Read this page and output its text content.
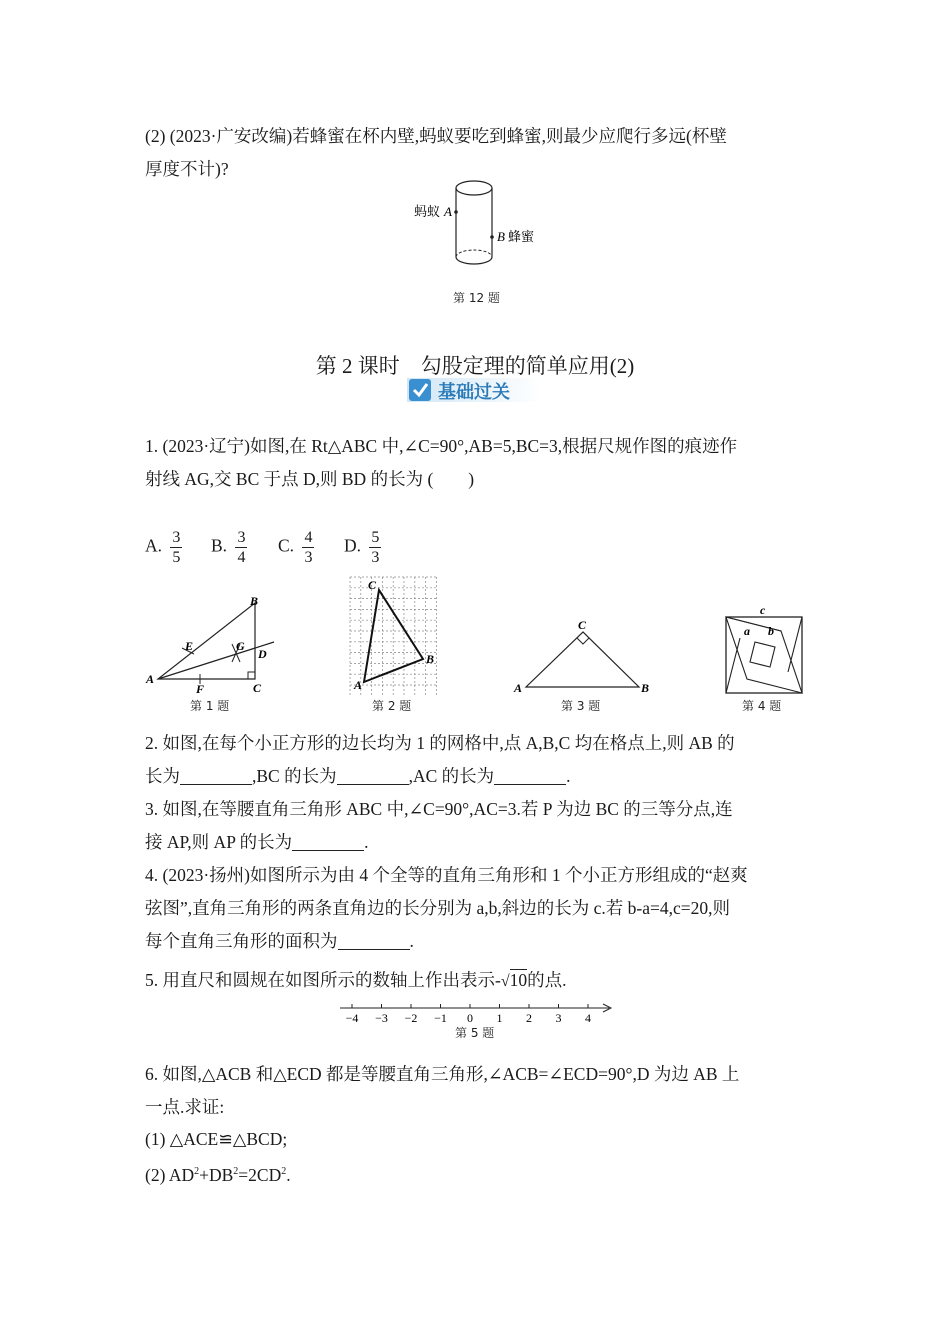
(2) (2023·广安改编)若蜂蜜在杯内壁,蚂蚁要吃到蜂蜜,则最少应爬行多远(杯壁
厚度不计)?
蚂蚁 A
B 蜂蜜
第 12 题
第 2 课时　勾股定理的简单应用(2)
基础过关
1. (2023·辽宁)如图,在 Rt△ABC 中,∠C=90°,AB=5,BC=3,根据尺规作图的痕迹作
射线 AG,交 BC 于点 D,则 BD 的长为 (　　)
A. $\frac{3}{5} B$. $\frac{3}{4} C$. $\frac{4}{3} D$. $\frac{5}{3}$
A
B
C
D
E
F
G
第 1 题
C
B
A
第 2 题
C
A	B
第 3 题
c
a b
第 4 题
2. 如图,在每个小正方形的边长均为 1 的网格中,点 A,B,C 均在格点上,则 AB 的
长为	,BC 的长为	,AC 的长为	.
3. 如图,在等腰直角三角形 ABC 中,∠C=90°,AC=3.若 P 为边 BC 的三等分点,连
接 AP,则 AP 的长为	.
4. (2023·扬州)如图所示为由 4 个全等的直角三角形和 1 个小正方形组成的“赵爽
弦图”,直角三角形的两条直角边的长分别为 a,b,斜边的长为 c.若 b-a=4,c=20,则
每个直角三角形的面积为	.
5. 用直尺和圆规在如图所示的数轴上作出表示-√10的点.
−4 −3 −2 −1 0 1 2 3 4
第 5 题
6. 如图,△ACB 和△ECD 都是等腰直角三角形,∠ACB=∠ECD=90°,D 为边 AB 上
一点.求证:
(1) △ACE≌△BCD;
(2) $AD^2+DB^2=2CD^2$.
